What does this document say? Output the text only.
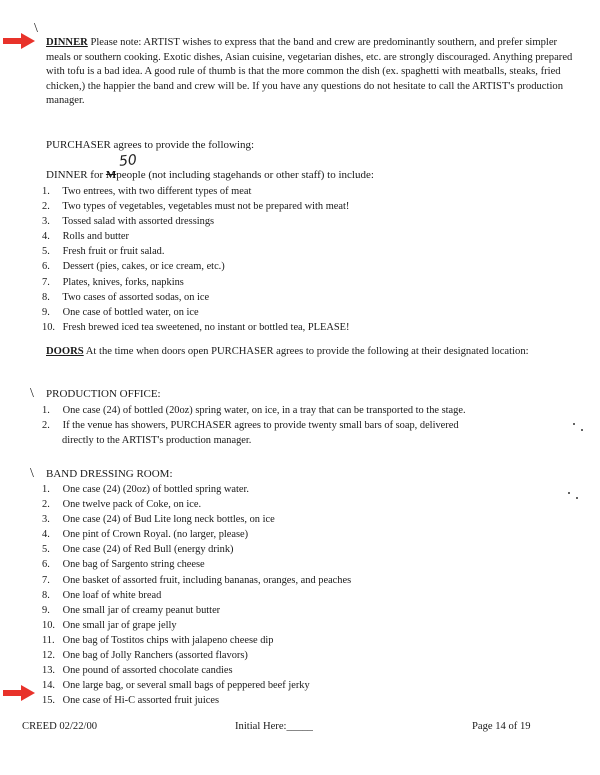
\
DINNER Please note: ARTIST wishes to express that the band and crew are predominantly southern, and prefer simpler meals or southern cooking. Exotic dishes, Asian cuisine, vegetarian dishes, etc. are strongly discouraged. Anything prepared with tofu is a bad idea. A good rule of thumb is that the more common the dish (ex. spaghetti with meatballs, steaks, fried chicken,) the happier the band and crew will be. If you have any questions do not hesitate to call the ARTIST's production manager.
PURCHASER agrees to provide the following:
50
DINNER for Mpeople (not including stagehands or other staff) to include:
1. Two entrees, with two different types of meat
2. Two types of vegetables, vegetables must not be prepared with meat!
3. Tossed salad with assorted dressings
4. Rolls and butter
5. Fresh fruit or fruit salad.
6. Dessert (pies, cakes, or ice cream, etc.)
7. Plates, knives, forks, napkins
8. Two cases of assorted sodas, on ice
9. One case of bottled water, on ice
10. Fresh brewed iced tea sweetened, no instant or bottled tea, PLEASE!
DOORS At the time when doors open PURCHASER agrees to provide the following at their designated location:
\ PRODUCTION OFFICE:
1. One case (24) of bottled (20oz) spring water, on ice, in a tray that can be transported to the stage.
2. If the venue has showers, PURCHASER agrees to provide twenty small bars of soap, delivered
directly to the ARTIST's production manager.
\ BAND DRESSING ROOM:
1. One case (24) (20oz) of bottled spring water.
2. One twelve pack of Coke, on ice.
3. One case (24) of Bud Lite long neck bottles, on ice
4. One pint of Crown Royal. (no larger, please)
5. One case (24) of Red Bull (energy drink)
6. One bag of Sargento string cheese
7. One basket of assorted fruit, including bananas, oranges, and peaches
8. One loaf of white bread
9. One small jar of creamy peanut butter
10. One small jar of grape jelly
11. One bag of Tostitos chips with jalapeno cheese dip
12. One bag of Jolly Ranchers (assorted flavors)
13. One pound of assorted chocolate candies
14. One large bag, or several small bags of peppered beef jerky
15. One case of Hi-C assorted fruit juices
CREED 02/22/00	Initial Here:_____	Page 14 of 19
